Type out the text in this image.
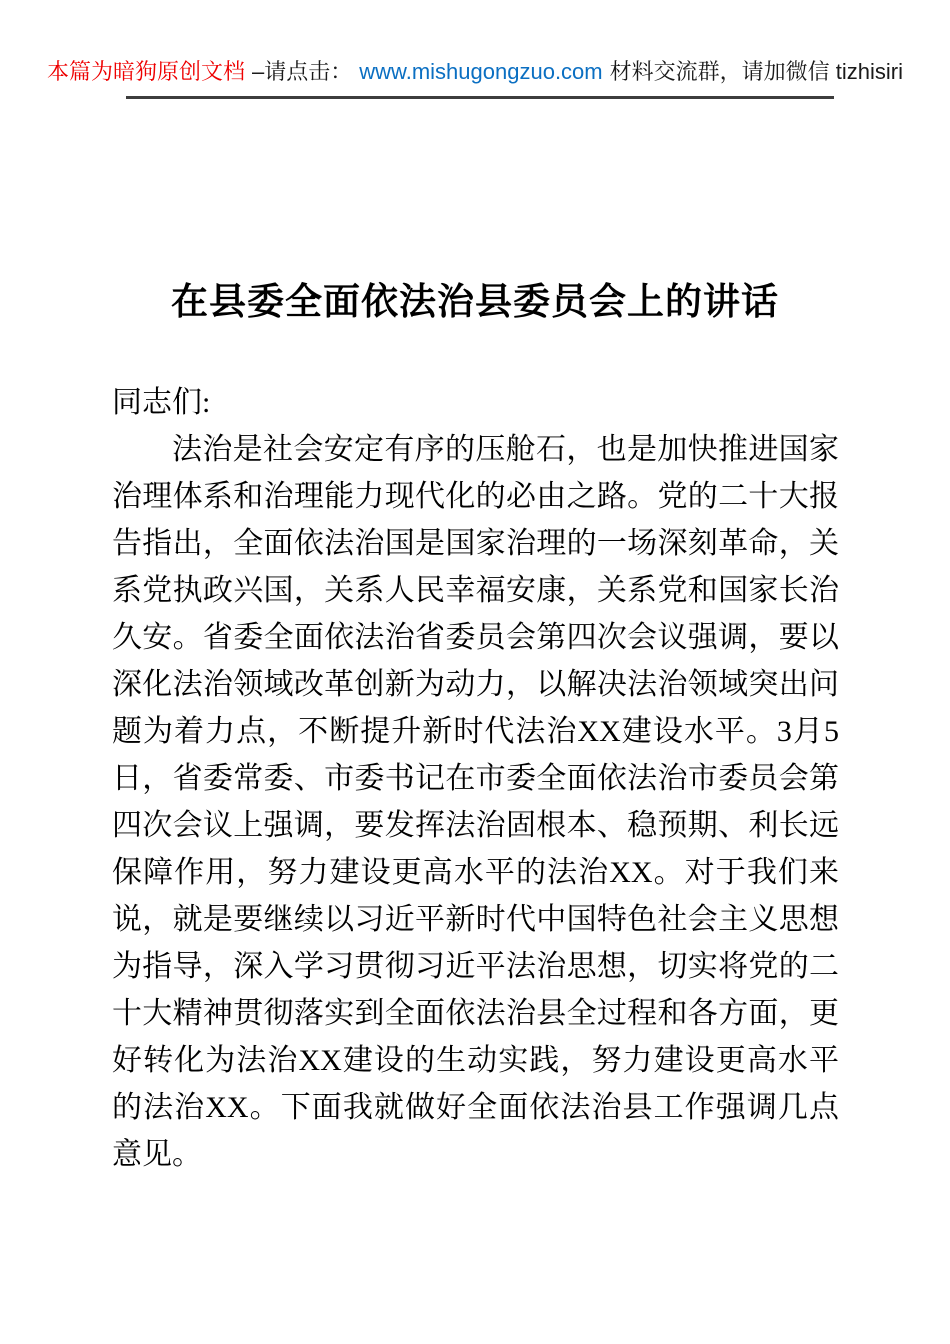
本篇为暗狗原创文档 –请点击： www.mishugongzuo.com 材料交流群，请加微信 tizhisiri
在县委全面依法治县委员会上的讲话

同志们:

法治是社会安定有序的压舱石，也是加快推进国家治理体系和治理能力现代化的必由之路。党的二十大报告指出，全面依法治国是国家治理的一场深刻革命，关系党执政兴国，关系人民幸福安康，关系党和国家长治久安。省委全面依法治省委员会第四次会议强调，要以深化法治领域改革创新为动力，以解决法治领域突出问题为着力点，不断提升新时代法治XX建设水平。3月5日，省委常委、市委书记在市委全面依法治市委员会第四次会议上强调，要发挥法治固根本、稳预期、利长远保障作用，努力建设更高水平的法治XX。对于我们来说，就是要继续以习近平新时代中国特色社会主义思想为指导，深入学习贯彻习近平法治思想，切实将党的二十大精神贯彻落实到全面依法治县全过程和各方面，更好转化为法治XX建设的生动实践，努力建设更高水平的法治XX。下面我就做好全面依法治县工作强调几点意见。
